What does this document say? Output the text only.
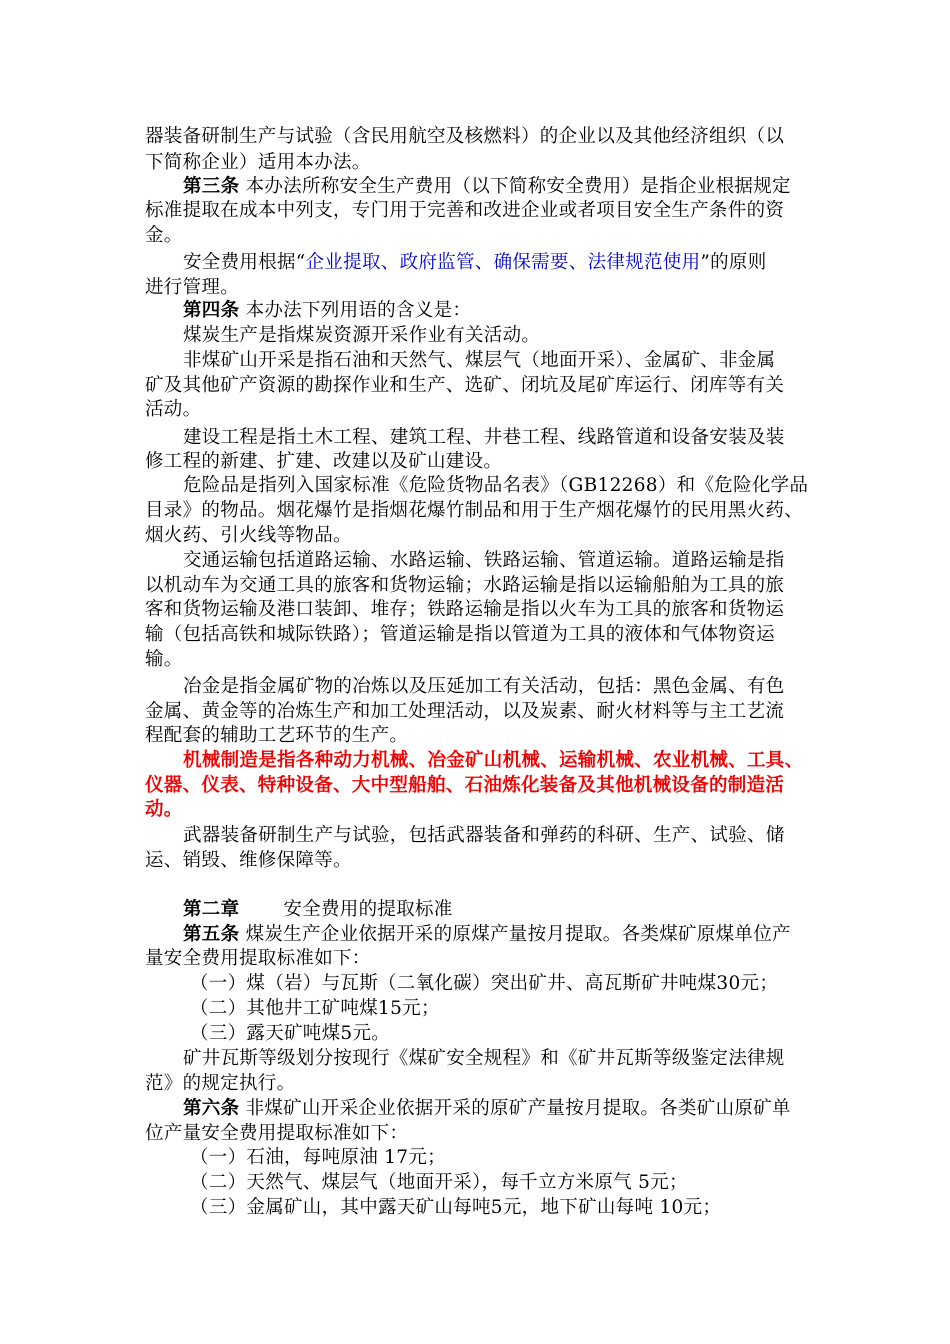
器装备研制生产与试验（含民用航空及核燃料）的企业以及其他经济组织（以
下简称企业）适用本办法。
第三条 本办法所称安全生产费用（以下简称安全费用）是指企业根据规定
标准提取在成本中列支，专门用于完善和改进企业或者项目安全生产条件的资
金。
安全费用根据“企业提取、政府监管、确保需要、法律规范使用”的原则
进行管理。
第四条 本办法下列用语的含义是：
煤炭生产是指煤炭资源开采作业有关活动。
非煤矿山开采是指石油和天然气、煤层气（地面开采）、金属矿、非金属
矿及其他矿产资源的勘探作业和生产、选矿、闭坑及尾矿库运行、闭库等有关
活动。
建设工程是指土木工程、建筑工程、井巷工程、线路管道和设备安装及装
修工程的新建、扩建、改建以及矿山建设。
危险品是指列入国家标准《危险货物品名表》（GB12268）和《危险化学品
目录》的物品。烟花爆竹是指烟花爆竹制品和用于生产烟花爆竹的民用黑火药、
烟火药、引火线等物品。
交通运输包括道路运输、水路运输、铁路运输、管道运输。道路运输是指
以机动车为交通工具的旅客和货物运输；水路运输是指以运输船舶为工具的旅
客和货物运输及港口装卸、堆存；铁路运输是指以火车为工具的旅客和货物运
输（包括高铁和城际铁路）；管道运输是指以管道为工具的液体和气体物资运
输。
冶金是指金属矿物的冶炼以及压延加工有关活动，包括：黑色金属、有色
金属、黄金等的冶炼生产和加工处理活动，以及炭素、耐火材料等与主工艺流
程配套的辅助工艺环节的生产。
机械制造是指各种动力机械、冶金矿山机械、运输机械、农业机械、工具、
仪器、仪表、特种设备、大中型船舶、石油炼化装备及其他机械设备的制造活
动。
武器装备研制生产与试验，包括武器装备和弹药的科研、生产、试验、储
运、销毁、维修保障等。
第二章 安全费用的提取标准
第五条 煤炭生产企业依据开采的原煤产量按月提取。各类煤矿原煤单位产
量安全费用提取标准如下：
（一）煤（岩）与瓦斯（二氧化碳）突出矿井、高瓦斯矿井吨煤30元；
（二）其他井工矿吨煤15元；
（三）露天矿吨煤5元。
矿井瓦斯等级划分按现行《煤矿安全规程》和《矿井瓦斯等级鉴定法律规
范》的规定执行。
第六条 非煤矿山开采企业依据开采的原矿产量按月提取。各类矿山原矿单
位产量安全费用提取标准如下：
（一）石油，每吨原油 17元；
（二）天然气、煤层气（地面开采），每千立方米原气 5元；
（三）金属矿山，其中露天矿山每吨5元，地下矿山每吨 10元；
